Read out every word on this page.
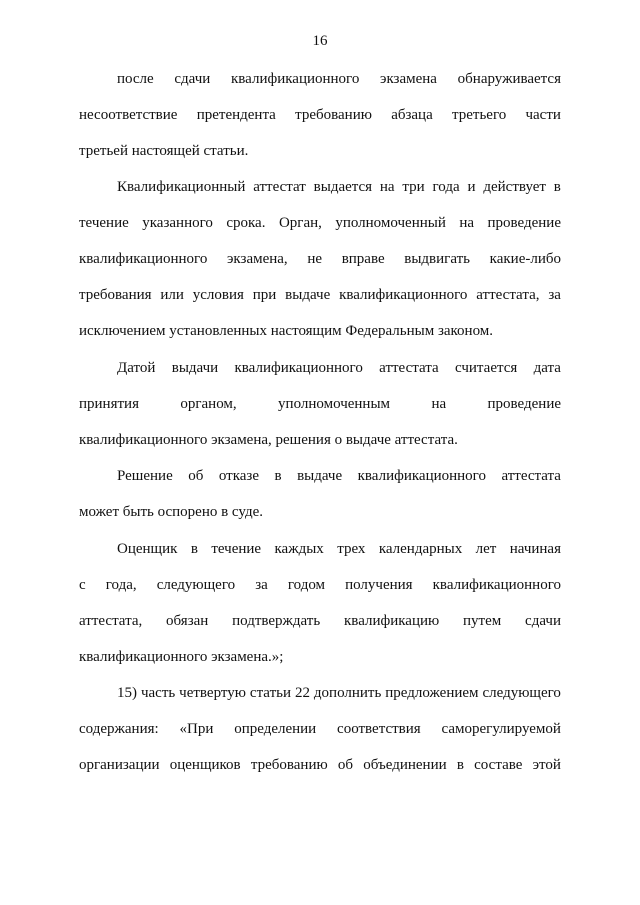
16
после сдачи квалификационного экзамена обнаруживается
несоответствие претендента требованию абзаца третьего части
третьей настоящей статьи.
Квалификационный аттестат выдается на три года и действует в
течение указанного срока. Орган, уполномоченный на проведение
квалификационного экзамена, не вправе выдвигать какие-либо
требования или условия при выдаче квалификационного аттестата, за
исключением установленных настоящим Федеральным законом.
Датой выдачи квалификационного аттестата считается дата
принятия	органом,	уполномоченным	на	проведение
квалификационного экзамена, решения о выдаче аттестата.
Решение об отказе в выдаче квалификационного аттестата
может быть оспорено в суде.
Оценщик в течение каждых трех календарных лет начиная
с года, следующего за годом получения квалификационного
аттестата, обязан подтверждать квалификацию путем сдачи
квалификационного экзамена.»;
15) часть четвертую статьи 22 дополнить предложением следующего
содержания: «При определении соответствия саморегулируемой
организации оценщиков требованию об объединении в составе этой
